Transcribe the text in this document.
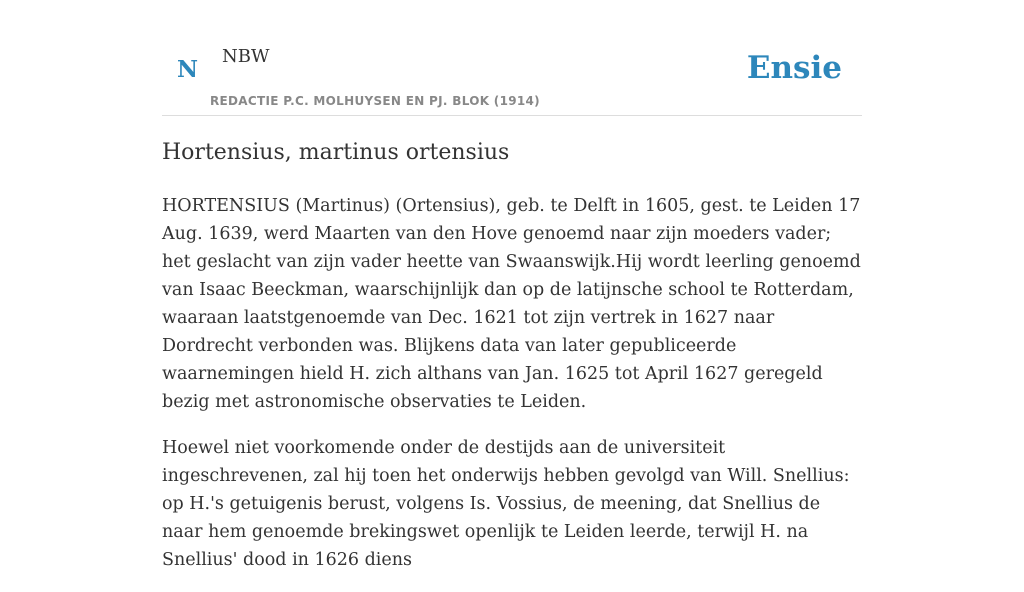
N NBW
REDACTIE P.C. MOLHUYSEN EN PJ. BLOK (1914)
Ensie
Hortensius, martinus ortensius

HORTENSIUS (Martinus) (Ortensius), geb. te Delft in 1605, gest. te Leiden 17 Aug. 1639, werd Maarten van den Hove genoemd naar zijn moeders vader; het geslacht van zijn vader heette van Swaanswijk.Hij wordt leerling genoemd van Isaac Beeckman, waarschijnlijk dan op de latijnsche school te Rotterdam, waaraan laatstgenoemde van Dec. 1621 tot zijn vertrek in 1627 naar Dordrecht verbonden was. Blijkens data van later gepubliceerde waarnemingen hield H. zich althans van Jan. 1625 tot April 1627 geregeld bezig met astronomische observaties te Leiden.

Hoewel niet voorkomende onder de destijds aan de universiteit ingeschrevenen, zal hij toen het onderwijs hebben gevolgd van Will. Snellius: op H.'s getuigenis berust, volgens Is. Vossius, de meening, dat Snellius de naar hem genoemde brekingswet openlijk te Leiden leerde, terwijl H. na Snellius' dood in 1626 diens
